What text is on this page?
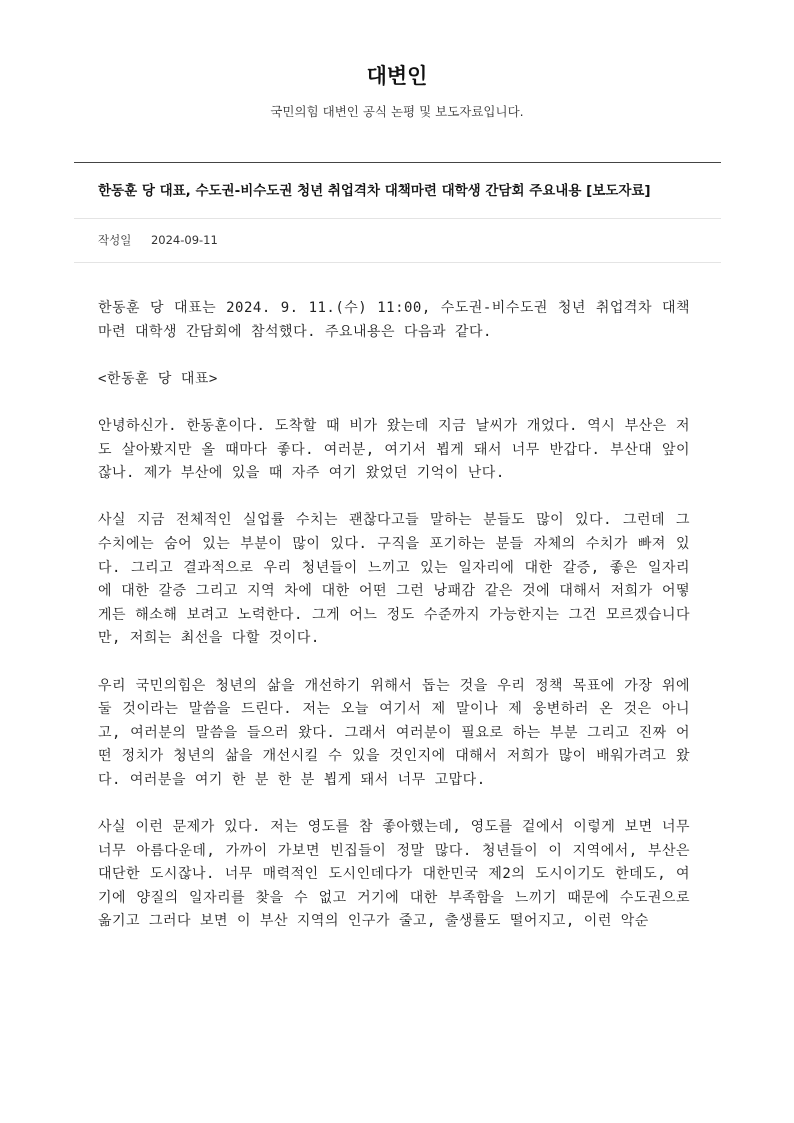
대변인

국민의힘 대변인 공식 논평 및 보도자료입니다.

한동훈 당 대표, 수도권-비수도권 청년 취업격차 대책마련 대학생 간담회 주요내용 [보도자료]
작성일 2024-09-11

한동훈 당 대표는 2024. 9. 11.(수) 11:00, 수도권-비수도권 청년 취업격차 대책마련 대학생 간담회에 참석했다. 주요내용은 다음과 같다.

<한동훈 당 대표>

안녕하신가. 한동훈이다. 도착할 때 비가 왔는데 지금 날씨가 개었다. 역시 부산은 저도 살아봤지만 올 때마다 좋다. 여러분, 여기서 뵙게 돼서 너무 반갑다. 부산대 앞이잖나. 제가 부산에 있을 때 자주 여기 왔었던 기억이 난다.

사실 지금 전체적인 실업률 수치는 괜찮다고들 말하는 분들도 많이 있다. 그런데 그 수치에는 숨어 있는 부분이 많이 있다. 구직을 포기하는 분들 자체의 수치가 빠져 있다. 그리고 결과적으로 우리 청년들이 느끼고 있는 일자리에 대한 갈증, 좋은 일자리에 대한 갈증 그리고 지역 차에 대한 어떤 그런 낭패감 같은 것에 대해서 저희가 어떻게든 해소해 보려고 노력한다. 그게 어느 정도 수준까지 가능한지는 그건 모르겠습니다만, 저희는 최선을 다할 것이다.

우리 국민의힘은 청년의 삶을 개선하기 위해서 돕는 것을 우리 정책 목표에 가장 위에 둘 것이라는 말씀을 드린다. 저는 오늘 여기서 제 말이나 제 웅변하러 온 것은 아니고, 여러분의 말씀을 들으러 왔다. 그래서 여러분이 필요로 하는 부분 그리고 진짜 어떤 정치가 청년의 삶을 개선시킬 수 있을 것인지에 대해서 저희가 많이 배워가려고 왔다. 여러분을 여기 한 분 한 분 뵙게 돼서 너무 고맙다.

사실 이런 문제가 있다. 저는 영도를 참 좋아했는데, 영도를 겉에서 이렇게 보면 너무너무 아름다운데, 가까이 가보면 빈집들이 정말 많다. 청년들이 이 지역에서, 부산은 대단한 도시잖나. 너무 매력적인 도시인데다가 대한민국 제2의 도시이기도 한데도, 여기에 양질의 일자리를 찾을 수 없고 거기에 대한 부족함을 느끼기 때문에 수도권으로 옮기고 그러다 보면 이 부산 지역의 인구가 줄고, 출생률도 떨어지고, 이런 악순
